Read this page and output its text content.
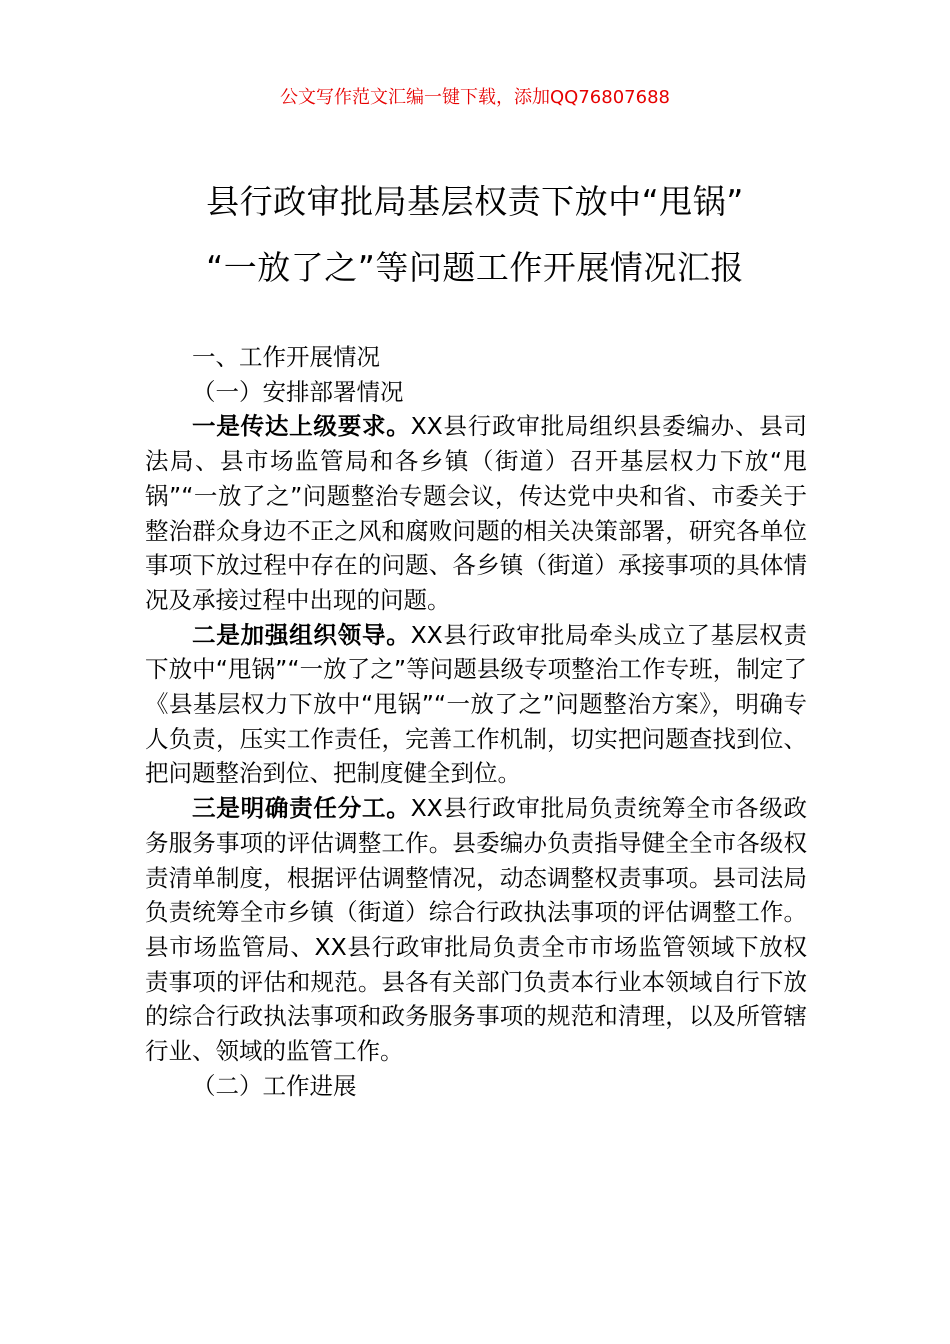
公文写作范文汇编一键下载，添加QQ76807688
县行政审批局基层权责下放中“甩锅”
“一放了之”等问题工作开展情况汇报

一、工作开展情况

（一）安排部署情况

一是传达上级要求。XX县行政审批局组织县委编办、县司法局、县市场监管局和各乡镇（街道）召开基层权力下放“甩锅”“一放了之”问题整治专题会议，传达党中央和省、市委关于整治群众身边不正之风和腐败问题的相关决策部署，研究各单位事项下放过程中存在的问题、各乡镇（街道）承接事项的具体情况及承接过程中出现的问题。

二是加强组织领导。XX县行政审批局牵头成立了基层权责下放中“甩锅”“一放了之”等问题县级专项整治工作专班，制定了《县基层权力下放中“甩锅”“一放了之”问题整治方案》，明确专人负责，压实工作责任，完善工作机制，切实把问题查找到位、把问题整治到位、把制度健全到位。

三是明确责任分工。XX县行政审批局负责统筹全市各级政务服务事项的评估调整工作。县委编办负责指导健全全市各级权责清单制度，根据评估调整情况，动态调整权责事项。县司法局负责统筹全市乡镇（街道）综合行政执法事项的评估调整工作。县市场监管局、XX县行政审批局负责全市市场监管领域下放权责事项的评估和规范。县各有关部门负责本行业本领域自行下放的综合行政执法事项和政务服务事项的规范和清理，以及所管辖行业、领域的监管工作。

（二）工作进展
